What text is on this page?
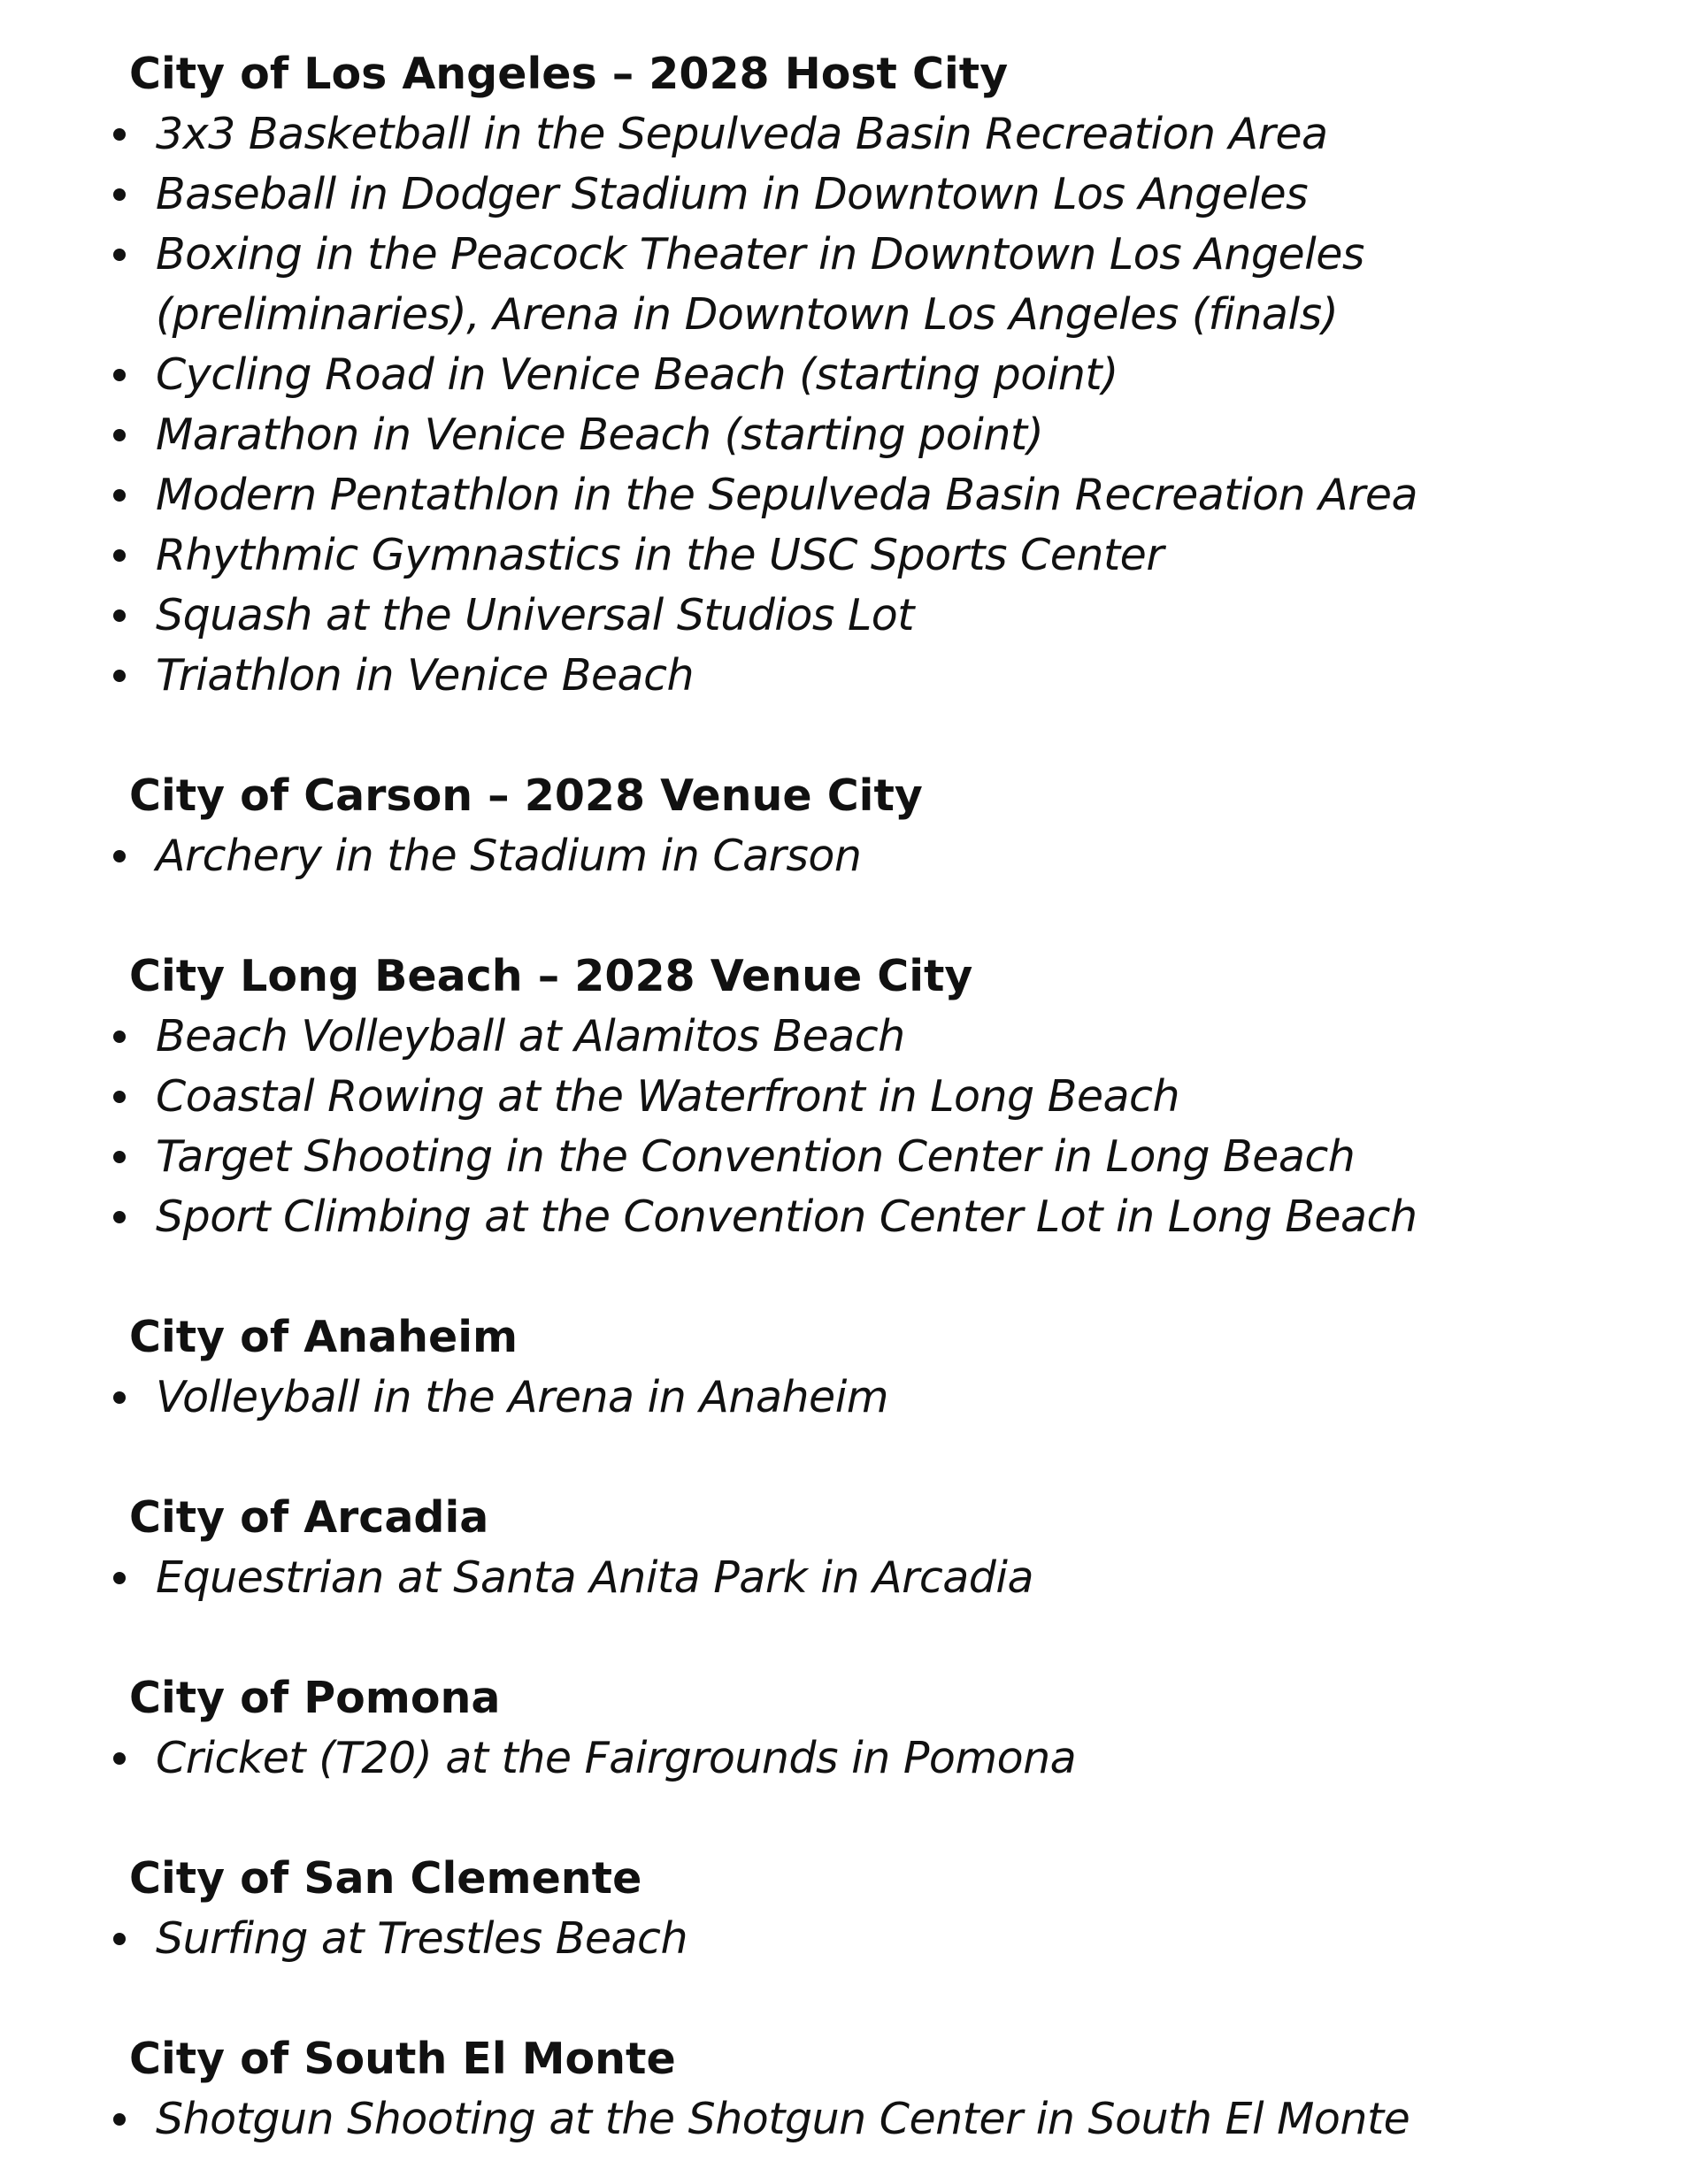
City of Los Angeles – 2028 Host City
3x3 Basketball in the Sepulveda Basin Recreation Area
Baseball in Dodger Stadium in Downtown Los Angeles
Boxing in the Peacock Theater in Downtown Los Angeles
(preliminaries), Arena in Downtown Los Angeles (finals)
Cycling Road in Venice Beach (starting point)
Marathon in Venice Beach (starting point)
Modern Pentathlon in the Sepulveda Basin Recreation Area
Rhythmic Gymnastics in the USC Sports Center
Squash at the Universal Studios Lot
Triathlon in Venice Beach
City of Carson – 2028 Venue City
Archery in the Stadium in Carson
City Long Beach – 2028 Venue City
Beach Volleyball at Alamitos Beach
Coastal Rowing at the Waterfront in Long Beach
Target Shooting in the Convention Center in Long Beach
Sport Climbing at the Convention Center Lot in Long Beach
City of Anaheim
Volleyball in the Arena in Anaheim
City of Arcadia
Equestrian at Santa Anita Park in Arcadia
City of Pomona
Cricket (T20) at the Fairgrounds in Pomona
City of San Clemente
Surfing at Trestles Beach
City of South El Monte
Shotgun Shooting at the Shotgun Center in South El Monte
